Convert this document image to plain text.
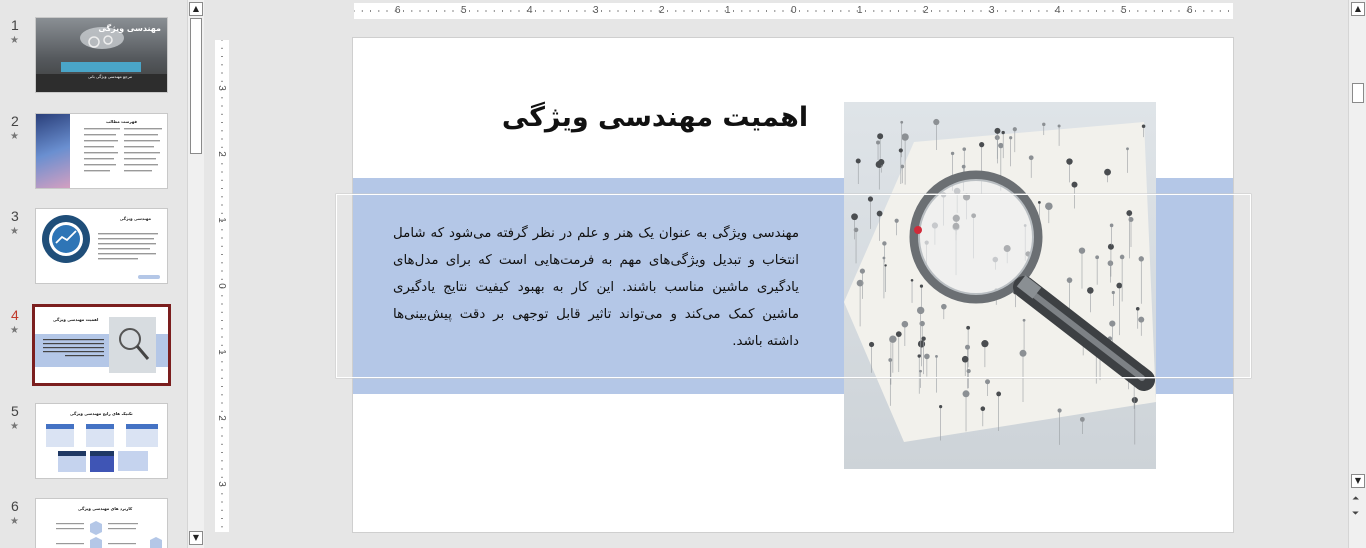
1
★
مهندسی ویژگی
مرجع مهندسی ویژگی بانی
2
★
فهرست مطالب
3
★
مهندسی ویژگی
4
★
اهمیت مهندسی ویژگی
5
★
تکنیک های رایج مهندسی ویژگی
6
★
کاربرد های مهندسی ویژگی
▲
▼
6	5	4	3	2	1	0	1	2	3	4	5	6
3
2
1
0
1
2
3
اهمیت مهندسی ویژگی
مهندسی ویژگی به عنوان یک هنر و علم در نظر گرفته می‌شود که شامل انتخاب و تبدیل ویژگی‌های مهم به فرمت‌هایی است که برای مدل‌های یادگیری ماشین مناسب باشند. این کار به بهبود کیفیت نتایج یادگیری ماشین کمک می‌کند و می‌تواند تاثیر قابل توجهی بر دقت پیش‌بینی‌ها داشته باشد.
▲
▼
⏶
⏷
